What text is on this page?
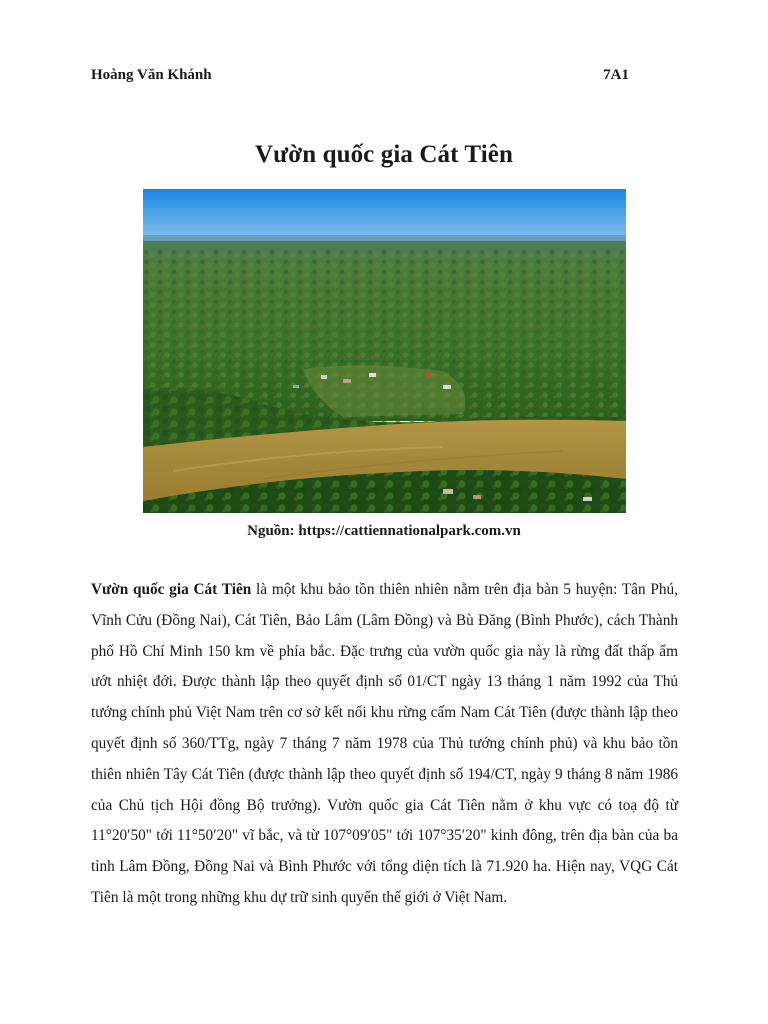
Hoàng Văn Khánh	7A1
Vườn quốc gia Cát Tiên
Nguồn: https://cattiennationalpark.com.vn

Vườn quốc gia Cát Tiên là một khu bảo tồn thiên nhiên nằm trên địa bàn 5 huyện: Tân Phú, Vĩnh Cửu (Đồng Nai), Cát Tiên, Bảo Lâm (Lâm Đồng) và Bù Đăng (Bình Phước), cách Thành phố Hồ Chí Minh 150 km về phía bắc. Đặc trưng của vườn quốc gia này là rừng đất thấp ẩm ướt nhiệt đới. Được thành lập theo quyết định số 01/CT ngày 13 tháng 1 năm 1992 của Thủ tướng chính phủ Việt Nam trên cơ sở kết nối khu rừng cấm Nam Cát Tiên (được thành lập theo quyết định số 360/TTg, ngày 7 tháng 7 năm 1978 của Thủ tướng chính phủ) và khu bảo tồn thiên nhiên Tây Cát Tiên (được thành lập theo quyết định số 194/CT, ngày 9 tháng 8 năm 1986 của Chủ tịch Hội đồng Bộ trưởng). Vườn quốc gia Cát Tiên nằm ở khu vực có toạ độ từ 11°20′50" tới 11°50′20" vĩ bắc, và từ 107°09′05" tới 107°35′20" kinh đông, trên địa bàn của ba tỉnh Lâm Đồng, Đồng Nai và Bình Phước với tổng diện tích là 71.920 ha. Hiện nay, VQG Cát Tiên là một trong những khu dự trữ sinh quyển thế giới ở Việt Nam.
